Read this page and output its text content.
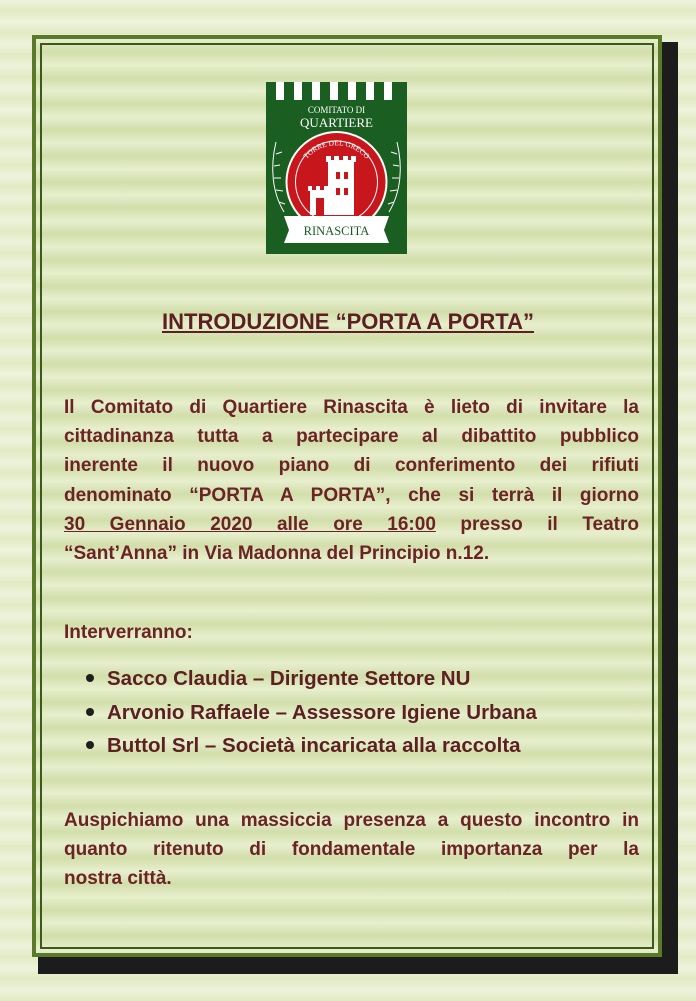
COMITATO DI
QUARTIERE
TORRE DEL GRECO
RINASCITA
INTRODUZIONE “PORTA A PORTA”
Il Comitato di Quartiere Rinascita è lieto di invitare la
cittadinanza tutta a partecipare al dibattito pubblico
inerente il nuovo piano di conferimento dei rifiuti
denominato “PORTA A PORTA”, che si terrà il giorno
30 Gennaio 2020 alle ore 16:00 presso il Teatro
“Sant’Anna” in Via Madonna del Principio n.12.
Interverranno:
Sacco Claudia – Dirigente Settore NU
Arvonio Raffaele – Assessore Igiene Urbana
Buttol Srl – Società incaricata alla raccolta
Auspichiamo una massiccia presenza a questo incontro in
quanto ritenuto di fondamentale importanza per la
nostra città.
